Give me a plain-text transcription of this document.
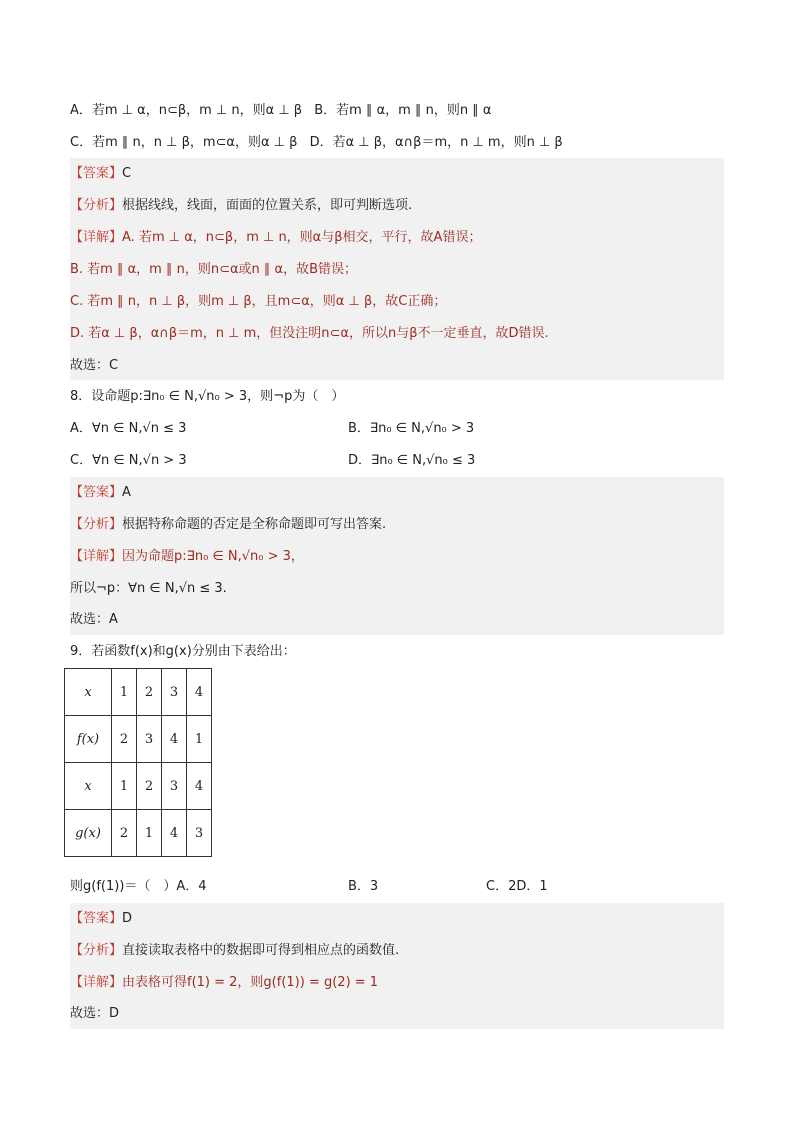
A．若m ⊥ α，n⊂β，m ⊥ n，则α ⊥ β B．若m ∥ α，m ∥ n，则n ∥ α
C．若m ∥ n，n ⊥ β，m⊂α，则α ⊥ β D．若α ⊥ β，α∩β＝m，n ⊥ m，则n ⊥ β
【答案】C
【分析】根据线线，线面，面面的位置关系，即可判断选项.
【详解】A. 若m ⊥ α，n⊂β，m ⊥ n，则α与β相交，平行，故A错误；
B. 若m ∥ α，m ∥ n，则n⊂α或n ∥ α，故B错误；
C. 若m ∥ n，n ⊥ β，则m ⊥ β，且m⊂α，则α ⊥ β，故C正确；
D. 若α ⊥ β，α∩β＝m，n ⊥ m，但没注明n⊂α，所以n与β不一定垂直，故D错误.
故选：C
8．设命题p:∃n₀ ∈ N,√n₀ > 3，则¬p为（　）
A．∀n ∈ N,√n ≤ 3	B．∃n₀ ∈ N,√n₀ > 3
C．∀n ∈ N,√n > 3	D．∃n₀ ∈ N,√n₀ ≤ 3
【答案】A
【分析】根据特称命题的否定是全称命题即可写出答案.
【详解】因为命题p:∃n₀ ∈ N,√n₀ > 3，
所以¬p：∀n ∈ N,√n ≤ 3.
故选：A
9．若函数f(x)和g(x)分别由下表给出：
x	1	2	3	4
f(x)	2	3	4	1
x	1	2	3	4
g(x)	2	1	4	3
则g(f(1))＝（　）A．4	B．3	C．2D．1
【答案】D
【分析】直接读取表格中的数据即可得到相应点的函数值.
【详解】由表格可得f(1) = 2，则g(f(1)) = g(2) = 1
故选：D
